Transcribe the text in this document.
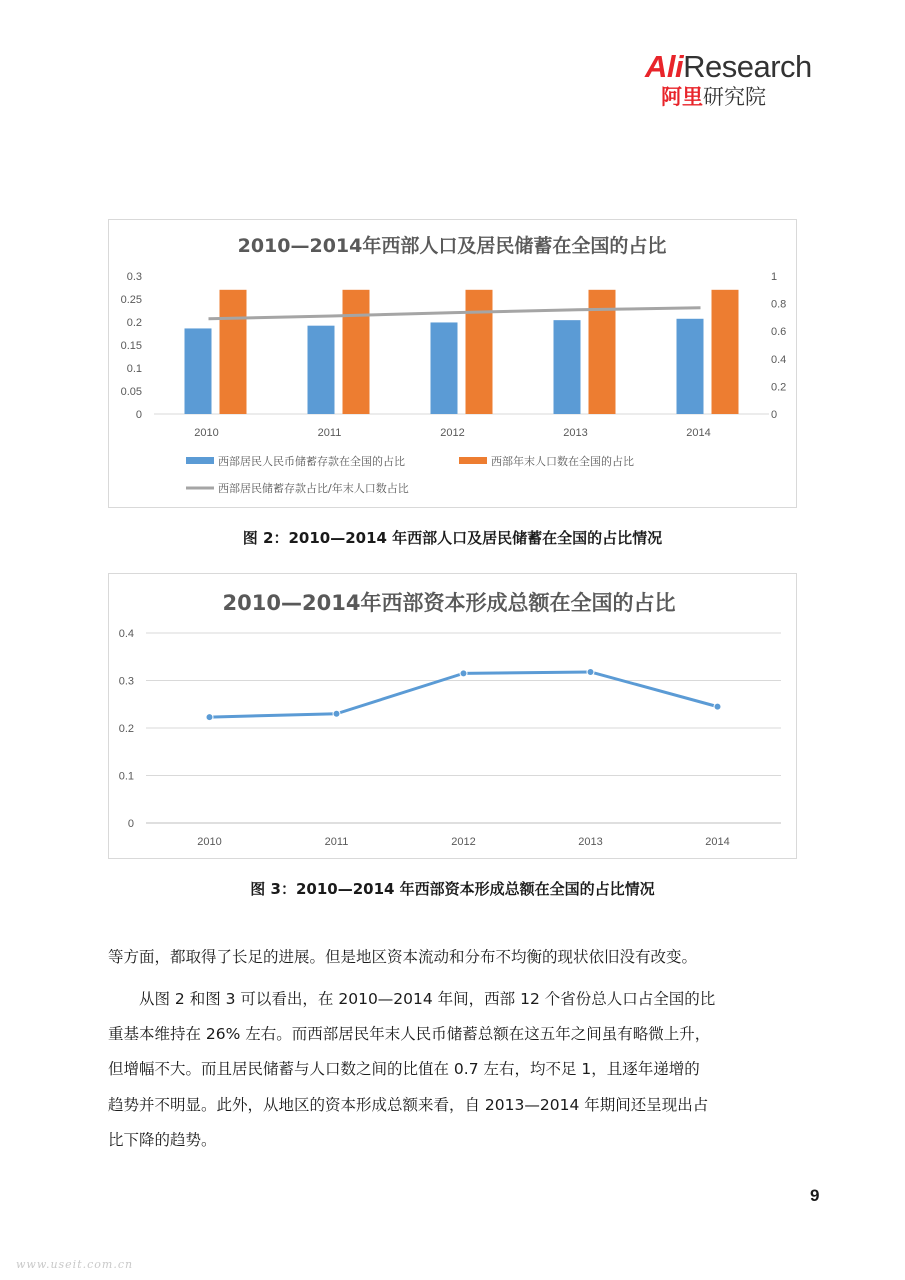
AliResearch
阿里研究院
2010—2014年西部人口及居民储蓄在全国的占比
0
0.05
0.1
0.15
0.2
0.25
0.3
0
0.2
0.4
0.6
0.8
1
2010	2011	2012	2013	2014
西部居民人民币储蓄存款在全国的占比	西部年末人口数在全国的占比
西部居民储蓄存款占比/年末人口数占比
图 2：2010—2014 年西部人口及居民储蓄在全国的占比情况
2010—2014年西部资本形成总额在全国的占比
0
0.1
0.2
0.3
0.4
2010	2011	2012	2013	2014
图 3：2010—2014 年西部资本形成总额在全国的占比情况

等方面，都取得了长足的进展。但是地区资本流动和分布不均衡的现状依旧没有改变。

从图 2 和图 3 可以看出，在 2010—2014 年间，西部 12 个省份总人口占全国的比

重基本维持在 26% 左右。而西部居民年末人民币储蓄总额在这五年之间虽有略微上升，

但增幅不大。而且居民储蓄与人口数之间的比值在 0.7 左右，均不足 1，且逐年递增的

趋势并不明显。此外，从地区的资本形成总额来看，自 2013—2014 年期间还呈现出占

比下降的趋势。

9
www.useit.com.cn
